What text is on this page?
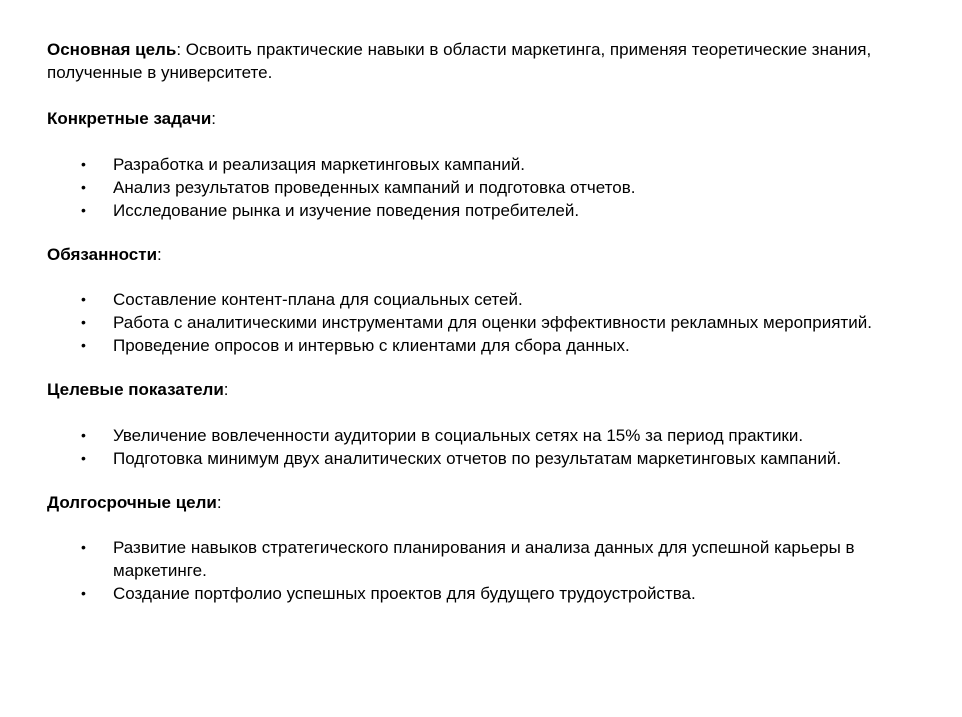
Основная цель: Освоить практические навыки в области маркетинга, применяя теоретические знания, полученные в университете.

Конкретные задачи:

• Разработка и реализация маркетинговых кампаний.
• Анализ результатов проведенных кампаний и подготовка отчетов.
• Исследование рынка и изучение поведения потребителей.

Обязанности:

• Составление контент-плана для социальных сетей.
• Работа с аналитическими инструментами для оценки эффективности рекламных мероприятий.
• Проведение опросов и интервью с клиентами для сбора данных.

Целевые показатели:

• Увеличение вовлеченности аудитории в социальных сетях на 15% за период практики.
• Подготовка минимум двух аналитических отчетов по результатам маркетинговых кампаний.

Долгосрочные цели:

• Развитие навыков стратегического планирования и анализа данных для успешной карьеры в маркетинге.
• Создание портфолио успешных проектов для будущего трудоустройства.
